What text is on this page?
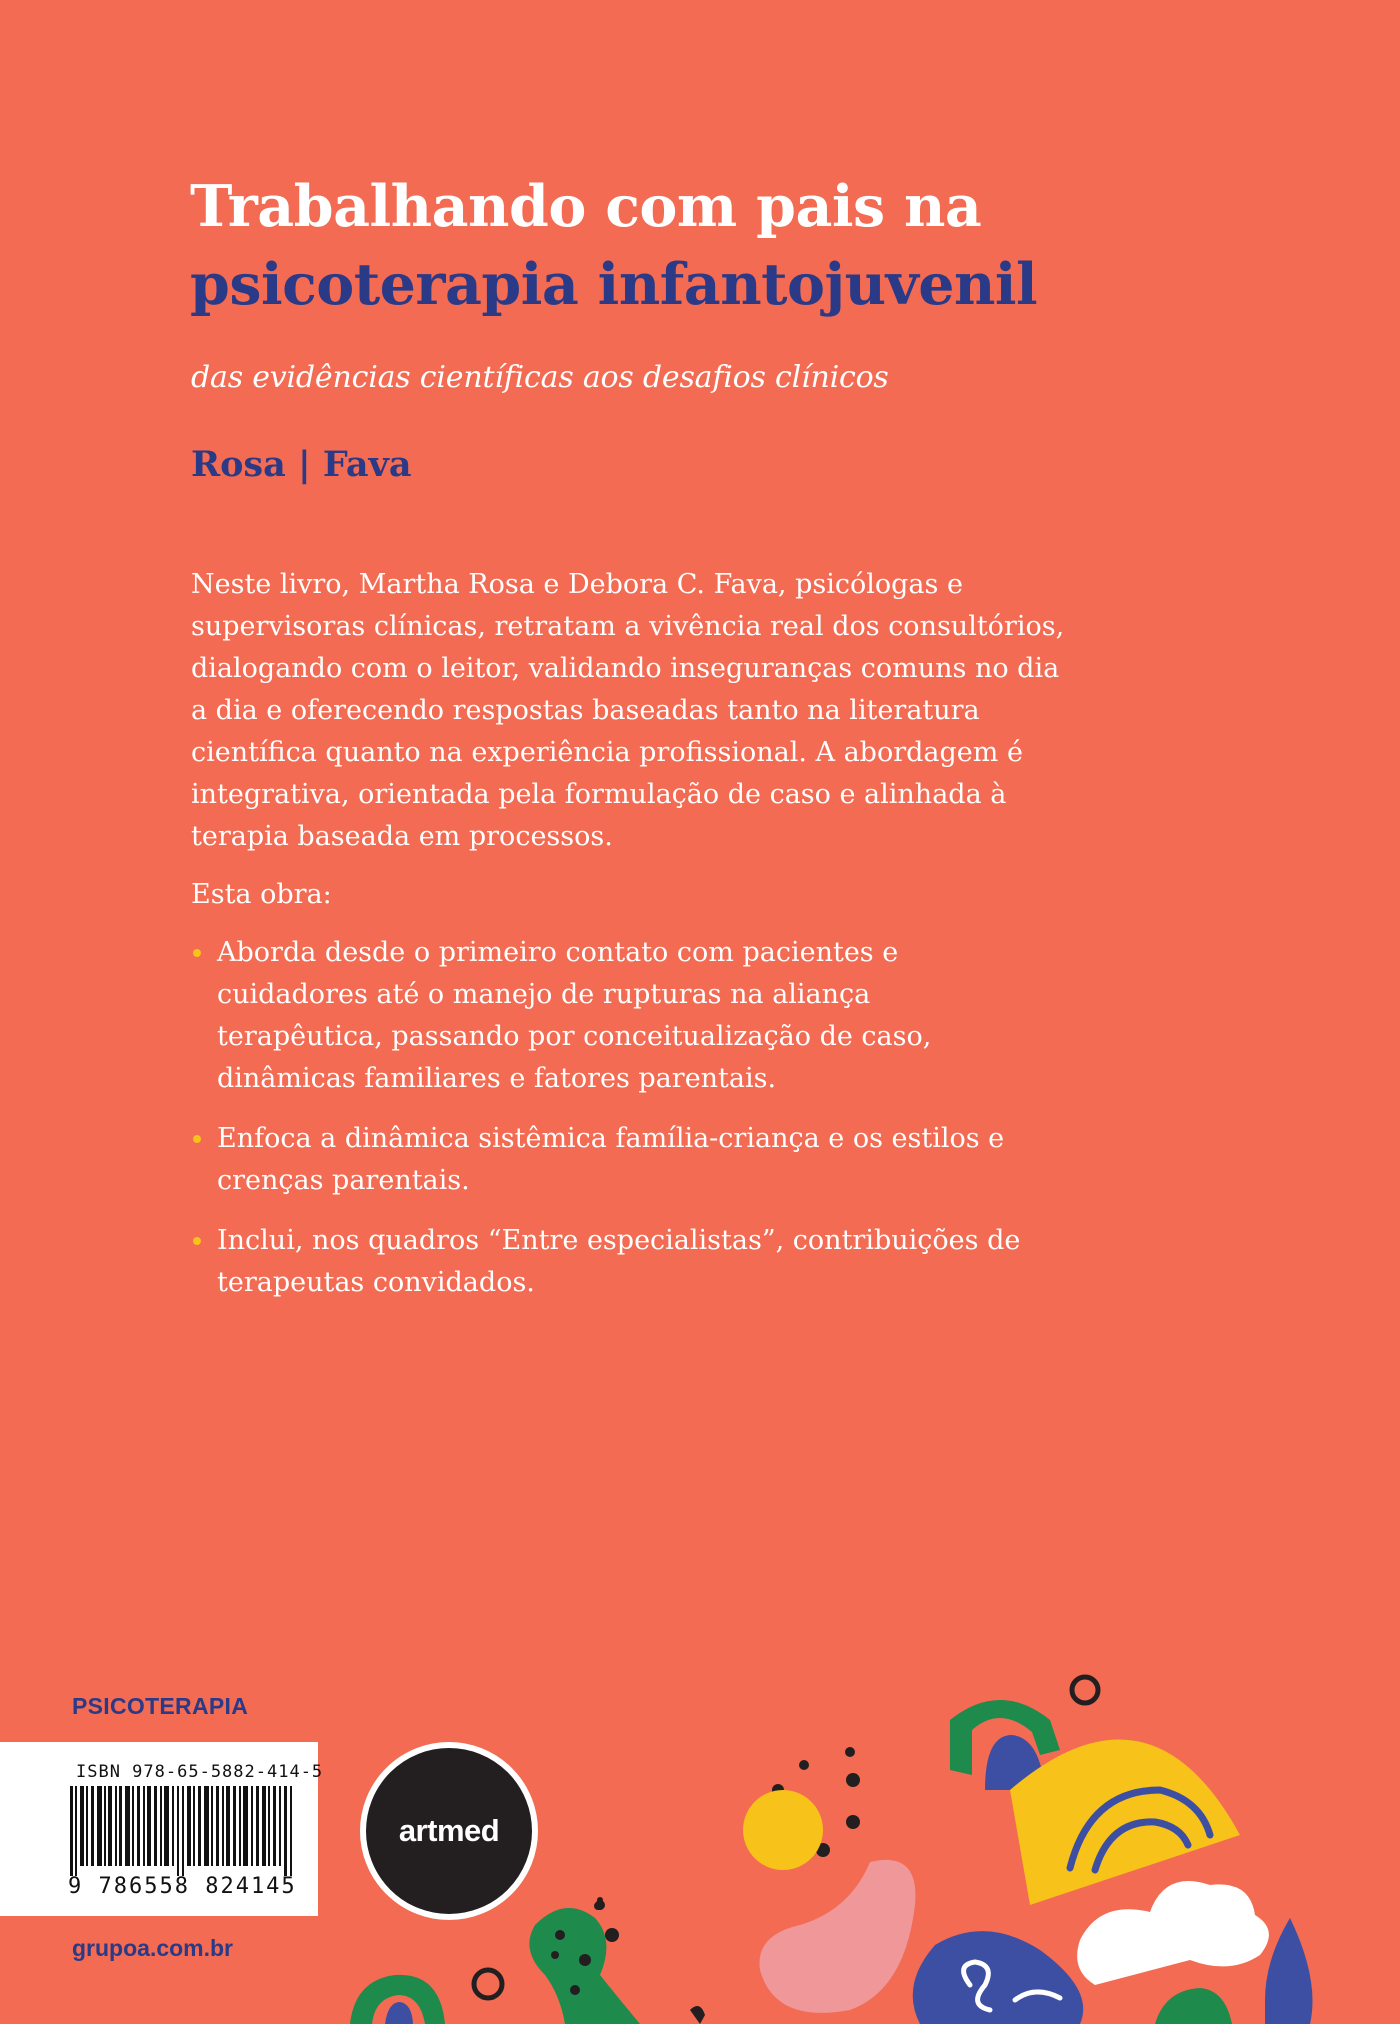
Trabalhando com pais na
psicoterapia infantojuvenil
das evidências científicas aos desafios clínicos
Rosa | Fava

Neste livro, Martha Rosa e Debora C. Fava, psicólogas e supervisoras clínicas, retratam a vivência real dos consultórios, dialogando com o leitor, validando inseguranças comuns no dia a dia e oferecendo respostas baseadas tanto na literatura científica quanto na experiência profissional. A abordagem é integrativa, orientada pela formulação de caso e alinhada à terapia baseada em processos.

Esta obra:

Aborda desde o primeiro contato com pacientes e cuidadores até o manejo de rupturas na aliança terapêutica, passando por conceitualização de caso, dinâmicas familiares e fatores parentais.
Enfoca a dinâmica sistêmica família-criança e os estilos e crenças parentais.
Inclui, nos quadros “Entre especialistas”, contribuições de terapeutas convidados.
PSICOTERAPIA
ISBN 978-65-5882-414-5
9 786558 824145
grupoa.com.br
artmed
